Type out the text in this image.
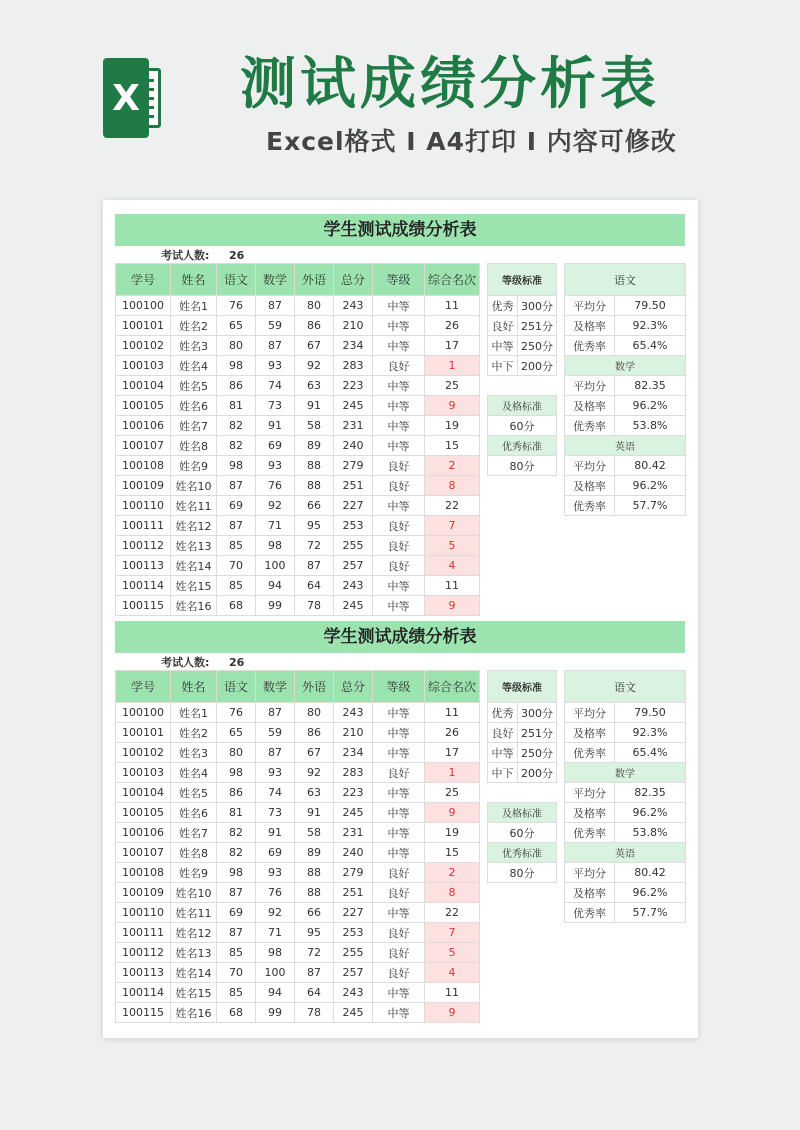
X 测试成绩分析表
Excel格式 I A4打印 I 内容可修改
学生测试成绩分析表
考试人数: 26
学号	姓名	语文	数学	外语	总分	等级	综合名次
100100	姓名1	76	87	80	243	中等	11
100101	姓名2	65	59	86	210	中等	26
100102	姓名3	80	87	67	234	中等	17
100103	姓名4	98	93	92	283	良好	1
100104	姓名5	86	74	63	223	中等	25
100105	姓名6	81	73	91	245	中等	9
100106	姓名7	82	91	58	231	中等	19
100107	姓名8	82	69	89	240	中等	15
100108	姓名9	98	93	88	279	良好	2
100109	姓名10	87	76	88	251	良好	8
100110	姓名11	69	92	66	227	中等	22
100111	姓名12	87	71	95	253	良好	7
100112	姓名13	85	98	72	255	良好	5
100113	姓名14	70	100	87	257	良好	4
100114	姓名15	85	94	64	243	中等	11
100115	姓名16	68	99	78	245	中等	9
等级标准	
优秀	300分
良好	251分
中等	250分
中下	200分

及格标准	
60分	
优秀标准	
80分	
语文	
平均分	79.50
及格率	92.3%
优秀率	65.4%
数学	
平均分	82.35
及格率	96.2%
优秀率	53.8%
英语	
平均分	80.42
及格率	96.2%
优秀率	57.7%
学生测试成绩分析表
考试人数: 26
学号	姓名	语文	数学	外语	总分	等级	综合名次
100100	姓名1	76	87	80	243	中等	11
100101	姓名2	65	59	86	210	中等	26
100102	姓名3	80	87	67	234	中等	17
100103	姓名4	98	93	92	283	良好	1
100104	姓名5	86	74	63	223	中等	25
100105	姓名6	81	73	91	245	中等	9
100106	姓名7	82	91	58	231	中等	19
100107	姓名8	82	69	89	240	中等	15
100108	姓名9	98	93	88	279	良好	2
100109	姓名10	87	76	88	251	良好	8
100110	姓名11	69	92	66	227	中等	22
100111	姓名12	87	71	95	253	良好	7
100112	姓名13	85	98	72	255	良好	5
100113	姓名14	70	100	87	257	良好	4
100114	姓名15	85	94	64	243	中等	11
100115	姓名16	68	99	78	245	中等	9
等级标准	
优秀	300分
良好	251分
中等	250分
中下	200分

及格标准	
60分	
优秀标准	
80分	
语文	
平均分	79.50
及格率	92.3%
优秀率	65.4%
数学	
平均分	82.35
及格率	96.2%
优秀率	53.8%
英语	
平均分	80.42
及格率	96.2%
优秀率	57.7%
